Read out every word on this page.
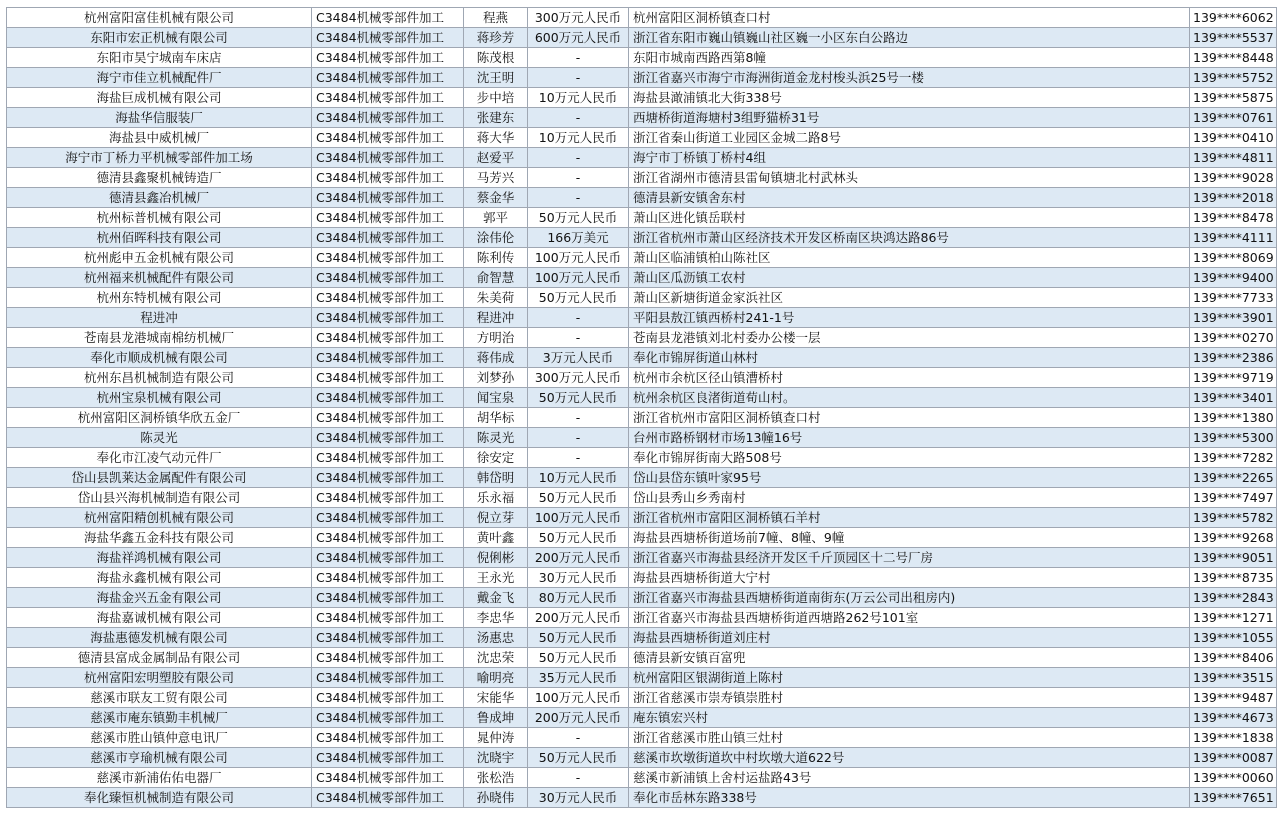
杭州富阳富佳机械有限公司	C3484机械零部件加工	程燕	300万元人民币	杭州富阳区洞桥镇查口村	139****6062
东阳市宏正机械有限公司	C3484机械零部件加工	蒋珍芳	600万元人民币	浙江省东阳市巍山镇巍山社区巍一小区东白公路边	139****5537
东阳市昊宁城南车床店	C3484机械零部件加工	陈茂根	-	东阳市城南西路西第8幢	139****8448
海宁市佳立机械配件厂	C3484机械零部件加工	沈王明	-	浙江省嘉兴市海宁市海洲街道金龙村梭头浜25号一楼	139****5752
海盐巨成机械有限公司	C3484机械零部件加工	步中培	10万元人民币	海盐县澉浦镇北大街338号	139****5875
海盐华信服装厂	C3484机械零部件加工	张建东	-	西塘桥街道海塘村3组野猫桥31号	139****0761
海盐县中威机械厂	C3484机械零部件加工	蒋大华	10万元人民币	浙江省秦山街道工业园区金城二路8号	139****0410
海宁市丁桥力平机械零部件加工场	C3484机械零部件加工	赵爱平	-	海宁市丁桥镇丁桥村4组	139****4811
德清县鑫聚机械铸造厂	C3484机械零部件加工	马芳兴	-	浙江省湖州市德清县雷甸镇塘北村武林头	139****9028
德清县鑫冶机械厂	C3484机械零部件加工	蔡金华	-	德清县新安镇舍东村	139****2018
杭州标普机械有限公司	C3484机械零部件加工	郭平	50万元人民币	萧山区进化镇岳联村	139****8478
杭州佰晖科技有限公司	C3484机械零部件加工	涂伟伦	166万美元	浙江省杭州市萧山区经济技术开发区桥南区块鸿达路86号	139****4111
杭州彪申五金机械有限公司	C3484机械零部件加工	陈利传	100万元人民币	萧山区临浦镇柏山陈社区	139****8069
杭州福来机械配件有限公司	C3484机械零部件加工	俞智慧	100万元人民币	萧山区瓜沥镇工农村	139****9400
杭州东特机械有限公司	C3484机械零部件加工	朱美荷	50万元人民币	萧山区新塘街道金家浜社区	139****7733
程进冲	C3484机械零部件加工	程进冲	-	平阳县敖江镇西桥村241-1号	139****3901
苍南县龙港城南棉纺机械厂	C3484机械零部件加工	方明治	-	苍南县龙港镇刘北村委办公楼一层	139****0270
奉化市顺成机械有限公司	C3484机械零部件加工	蒋伟成	3万元人民币	奉化市锦屏街道山林村	139****2386
杭州东昌机械制造有限公司	C3484机械零部件加工	刘梦孙	300万元人民币	杭州市余杭区径山镇漕桥村	139****9719
杭州宝泉机械有限公司	C3484机械零部件加工	闻宝泉	50万元人民币	杭州余杭区良渚街道荀山村。	139****3401
杭州富阳区洞桥镇华欣五金厂	C3484机械零部件加工	胡华标	-	浙江省杭州市富阳区洞桥镇查口村	139****1380
陈灵光	C3484机械零部件加工	陈灵光	-	台州市路桥钢材市场13幢16号	139****5300
奉化市江凌气动元件厂	C3484机械零部件加工	徐安定	-	奉化市锦屏街南大路508号	139****7282
岱山县凯莱达金属配件有限公司	C3484机械零部件加工	韩岱明	10万元人民币	岱山县岱东镇叶家95号	139****2265
岱山县兴海机械制造有限公司	C3484机械零部件加工	乐永福	50万元人民币	岱山县秀山乡秀南村	139****7497
杭州富阳精创机械有限公司	C3484机械零部件加工	倪立芽	100万元人民币	浙江省杭州市富阳区洞桥镇石羊村	139****5782
海盐华鑫五金科技有限公司	C3484机械零部件加工	黄叶鑫	50万元人民币	海盐县西塘桥街道场前7幢、8幢、9幢	139****9268
海盐祥鸿机械有限公司	C3484机械零部件加工	倪俐彬	200万元人民币	浙江省嘉兴市海盐县经济开发区千斤顶园区十二号厂房	139****9051
海盐永鑫机械有限公司	C3484机械零部件加工	王永光	30万元人民币	海盐县西塘桥街道大宁村	139****8735
海盐金兴五金有限公司	C3484机械零部件加工	戴金飞	80万元人民币	浙江省嘉兴市海盐县西塘桥街道南街东(万云公司出租房内)	139****2843
海盐嘉诚机械有限公司	C3484机械零部件加工	李忠华	200万元人民币	浙江省嘉兴市海盐县西塘桥街道西塘路262号101室	139****1271
海盐惠德发机械有限公司	C3484机械零部件加工	汤惠忠	50万元人民币	海盐县西塘桥街道刘庄村	139****1055
德清县富成金属制品有限公司	C3484机械零部件加工	沈忠荣	50万元人民币	德清县新安镇百富兜	139****8406
杭州富阳宏明塑胶有限公司	C3484机械零部件加工	喻明亮	35万元人民币	杭州富阳区银湖街道上陈村	139****3515
慈溪市联友工贸有限公司	C3484机械零部件加工	宋能华	100万元人民币	浙江省慈溪市崇寿镇崇胜村	139****9487
慈溪市庵东镇勤丰机械厂	C3484机械零部件加工	鲁成坤	200万元人民币	庵东镇宏兴村	139****4673
慈溪市胜山镇仲意电讯厂	C3484机械零部件加工	晁仲涛	-	浙江省慈溪市胜山镇三灶村	139****1838
慈溪市亨瑜机械有限公司	C3484机械零部件加工	沈晓宇	50万元人民币	慈溪市坎墩街道坎中村坎墩大道622号	139****0087
慈溪市新浦佑佑电器厂	C3484机械零部件加工	张松浩	-	慈溪市新浦镇上舍村运盐路43号	139****0060
奉化臻恒机械制造有限公司	C3484机械零部件加工	孙晓伟	30万元人民币	奉化市岳林东路338号	139****7651
